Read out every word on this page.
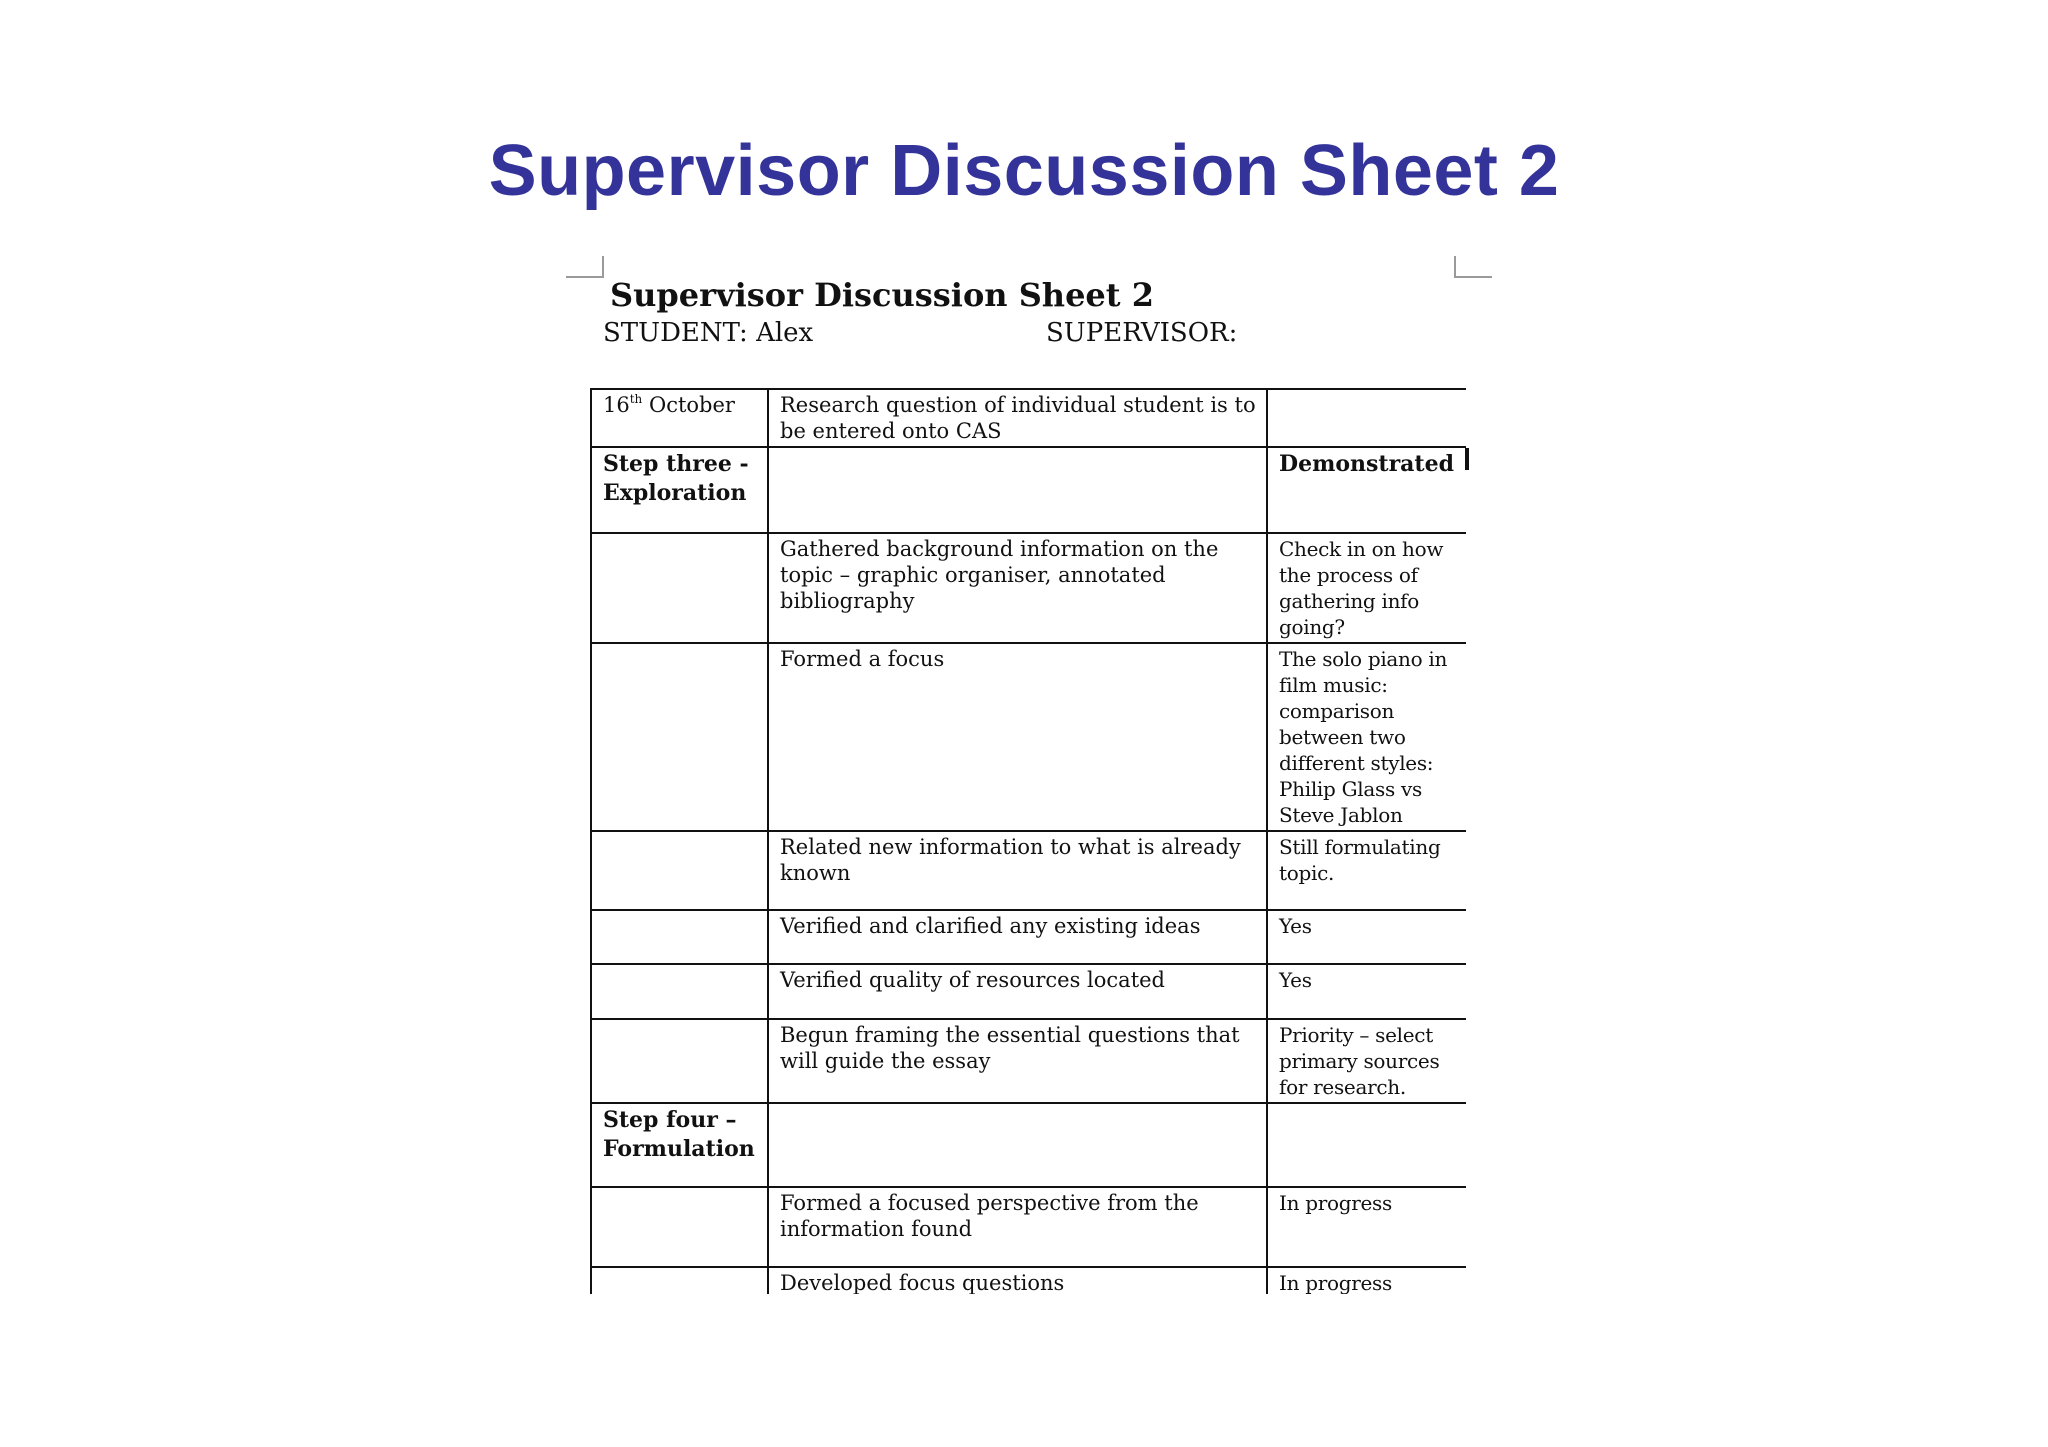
Supervisor Discussion Sheet 2
Supervisor Discussion Sheet 2
STUDENT: Alex	SUPERVISOR:
16th October	Research question of individual student is to be entered onto CAS	
Step three - Exploration		Demonstrated
	Gathered background information on the topic – graphic organiser, annotated bibliography	Check in on how the process of gathering info going?
	Formed a focus	The solo piano in film music: comparison between two different styles: Philip Glass vs Steve Jablon
	Related new information to what is already known	Still formulating topic.
	Verified and clarified any existing ideas	Yes
	Verified quality of resources located	Yes
	Begun framing the essential questions that will guide the essay	Priority – select primary sources for research.
Step four – Formulation		
	Formed a focused perspective from the information found	In progress
	Developed focus questions	In progress
